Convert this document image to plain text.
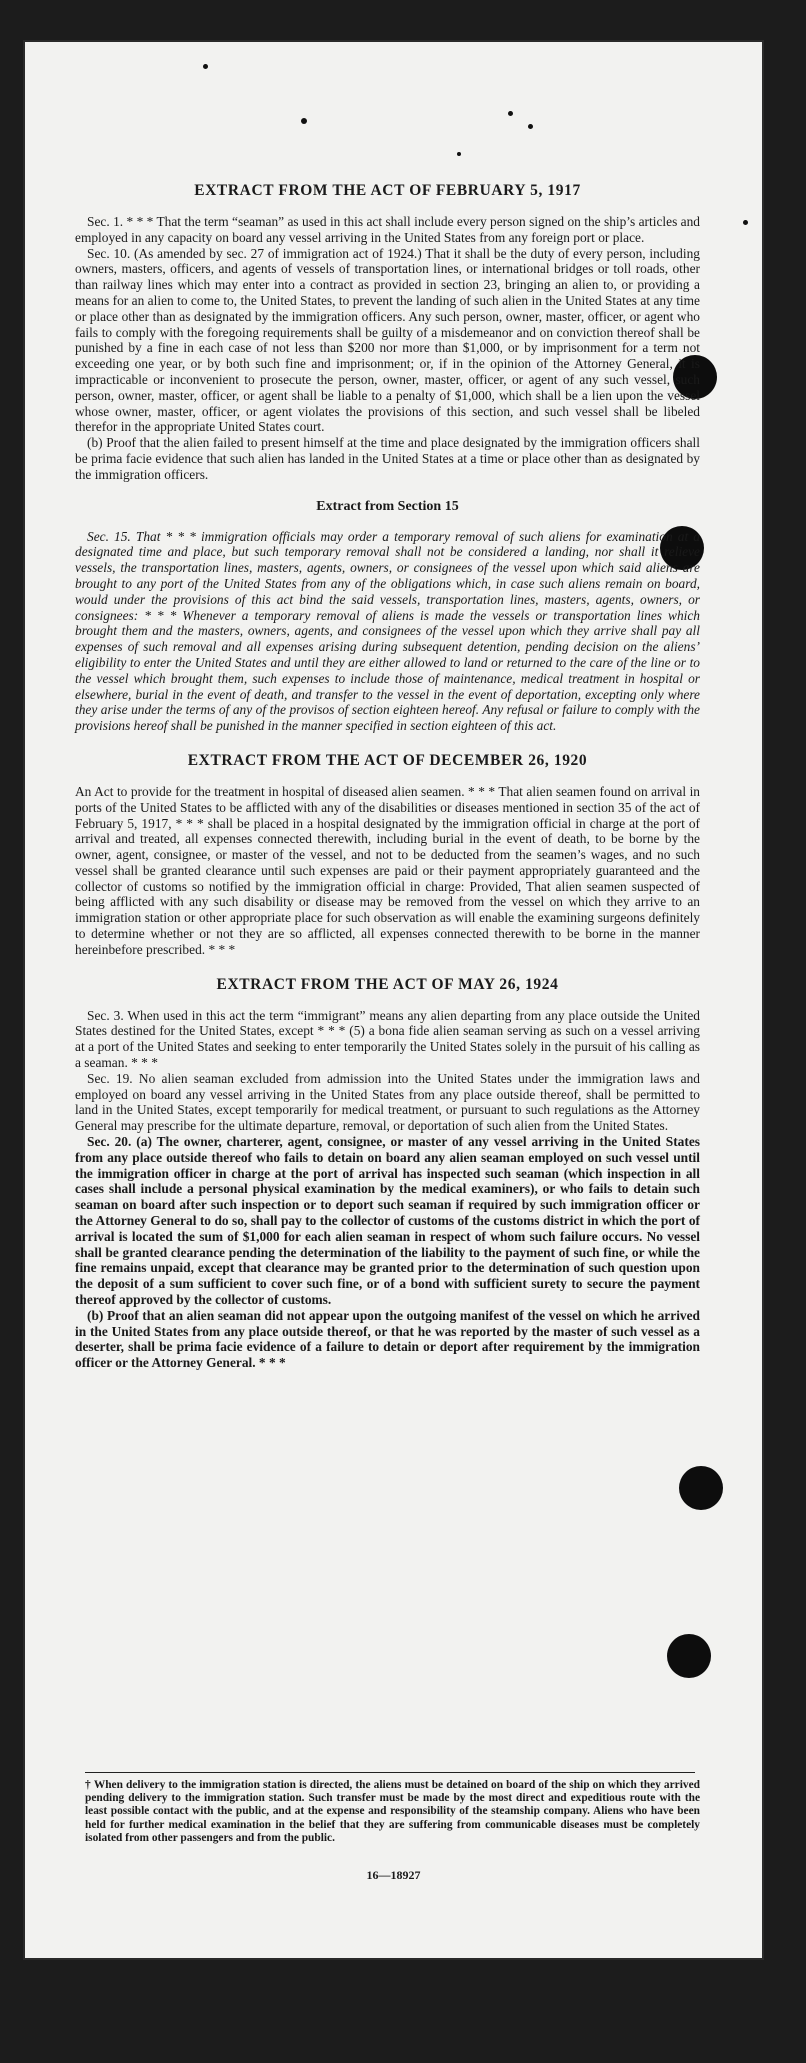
EXTRACT FROM THE ACT OF FEBRUARY 5, 1917

Sec. 1. * * * That the term “seaman” as used in this act shall include every person signed on the ship’s articles and employed in any capacity on board any vessel arriving in the United States from any foreign port or place.

Sec. 10. (As amended by sec. 27 of immigration act of 1924.) That it shall be the duty of every person, including owners, masters, officers, and agents of vessels of transportation lines, or international bridges or toll roads, other than railway lines which may enter into a contract as provided in section 23, bringing an alien to, or providing a means for an alien to come to, the United States, to prevent the landing of such alien in the United States at any time or place other than as designated by the immigration officers. Any such person, owner, master, officer, or agent who fails to comply with the foregoing requirements shall be guilty of a misdemeanor and on conviction thereof shall be punished by a fine in each case of not less than $200 nor more than $1,000, or by imprisonment for a term not exceeding one year, or by both such fine and imprisonment; or, if in the opinion of the Attorney General, it is impracticable or inconvenient to prosecute the person, owner, master, officer, or agent of any such vessel, such person, owner, master, officer, or agent shall be liable to a penalty of $1,000, which shall be a lien upon the vessel whose owner, master, officer, or agent violates the provisions of this section, and such vessel shall be libeled therefor in the appropriate United States court.

(b) Proof that the alien failed to present himself at the time and place designated by the immigration officers shall be prima facie evidence that such alien has landed in the United States at a time or place other than as designated by the immigration officers.

Extract from Section 15

Sec. 15. That * * * immigration officials may order a temporary removal of such aliens for examination at a designated time and place, but such temporary removal shall not be considered a landing, nor shall it relieve vessels, the transportation lines, masters, agents, owners, or consignees of the vessel upon which said aliens are brought to any port of the United States from any of the obligations which, in case such aliens remain on board, would under the provisions of this act bind the said vessels, transportation lines, masters, agents, owners, or consignees: * * * Whenever a temporary removal of aliens is made the vessels or transportation lines which brought them and the masters, owners, agents, and consignees of the vessel upon which they arrive shall pay all expenses of such removal and all expenses arising during subsequent detention, pending decision on the aliens’ eligibility to enter the United States and until they are either allowed to land or returned to the care of the line or to the vessel which brought them, such expenses to include those of maintenance, medical treatment in hospital or elsewhere, burial in the event of death, and transfer to the vessel in the event of deportation, excepting only where they arise under the terms of any of the provisos of section eighteen hereof. Any refusal or failure to comply with the provisions hereof shall be punished in the manner specified in section eighteen of this act.

EXTRACT FROM THE ACT OF DECEMBER 26, 1920

An Act to provide for the treatment in hospital of diseased alien seamen. * * * That alien seamen found on arrival in ports of the United States to be afflicted with any of the disabilities or diseases mentioned in section 35 of the act of February 5, 1917, * * * shall be placed in a hospital designated by the immigration official in charge at the port of arrival and treated, all expenses connected therewith, including burial in the event of death, to be borne by the owner, agent, consignee, or master of the vessel, and not to be deducted from the seamen’s wages, and no such vessel shall be granted clearance until such expenses are paid or their payment appropriately guaranteed and the collector of customs so notified by the immigration official in charge: Provided, That alien seamen suspected of being afflicted with any such disability or disease may be removed from the vessel on which they arrive to an immigration station or other appropriate place for such observation as will enable the examining surgeons definitely to determine whether or not they are so afflicted, all expenses connected therewith to be borne in the manner hereinbefore prescribed. * * *

EXTRACT FROM THE ACT OF MAY 26, 1924

Sec. 3. When used in this act the term “immigrant” means any alien departing from any place outside the United States destined for the United States, except * * * (5) a bona fide alien seaman serving as such on a vessel arriving at a port of the United States and seeking to enter temporarily the United States solely in the pursuit of his calling as a seaman. * * *

Sec. 19. No alien seaman excluded from admission into the United States under the immigration laws and employed on board any vessel arriving in the United States from any place outside thereof, shall be permitted to land in the United States, except temporarily for medical treatment, or pursuant to such regulations as the Attorney General may prescribe for the ultimate departure, removal, or deportation of such alien from the United States.

Sec. 20. (a) The owner, charterer, agent, consignee, or master of any vessel arriving in the United States from any place outside thereof who fails to detain on board any alien seaman employed on such vessel until the immigration officer in charge at the port of arrival has inspected such seaman (which inspection in all cases shall include a personal physical examination by the medical examiners), or who fails to detain such seaman on board after such inspection or to deport such seaman if required by such immigration officer or the Attorney General to do so, shall pay to the collector of customs of the customs district in which the port of arrival is located the sum of $1,000 for each alien seaman in respect of whom such failure occurs. No vessel shall be granted clearance pending the determination of the liability to the payment of such fine, or while the fine remains unpaid, except that clearance may be granted prior to the determination of such question upon the deposit of a sum sufficient to cover such fine, or of a bond with sufficient surety to secure the payment thereof approved by the collector of customs.

(b) Proof that an alien seaman did not appear upon the outgoing manifest of the vessel on which he arrived in the United States from any place outside thereof, or that he was reported by the master of such vessel as a deserter, shall be prima facie evidence of a failure to detain or deport after requirement by the immigration officer or the Attorney General. * * *

† When delivery to the immigration station is directed, the aliens must be detained on board of the ship on which they arrived pending delivery to the immigration station. Such transfer must be made by the most direct and expeditious route with the least possible contact with the public, and at the expense and responsibility of the steamship company. Aliens who have been held for further medical examination in the belief that they are suffering from communicable diseases must be completely isolated from other passengers and from the public.
16—18927
